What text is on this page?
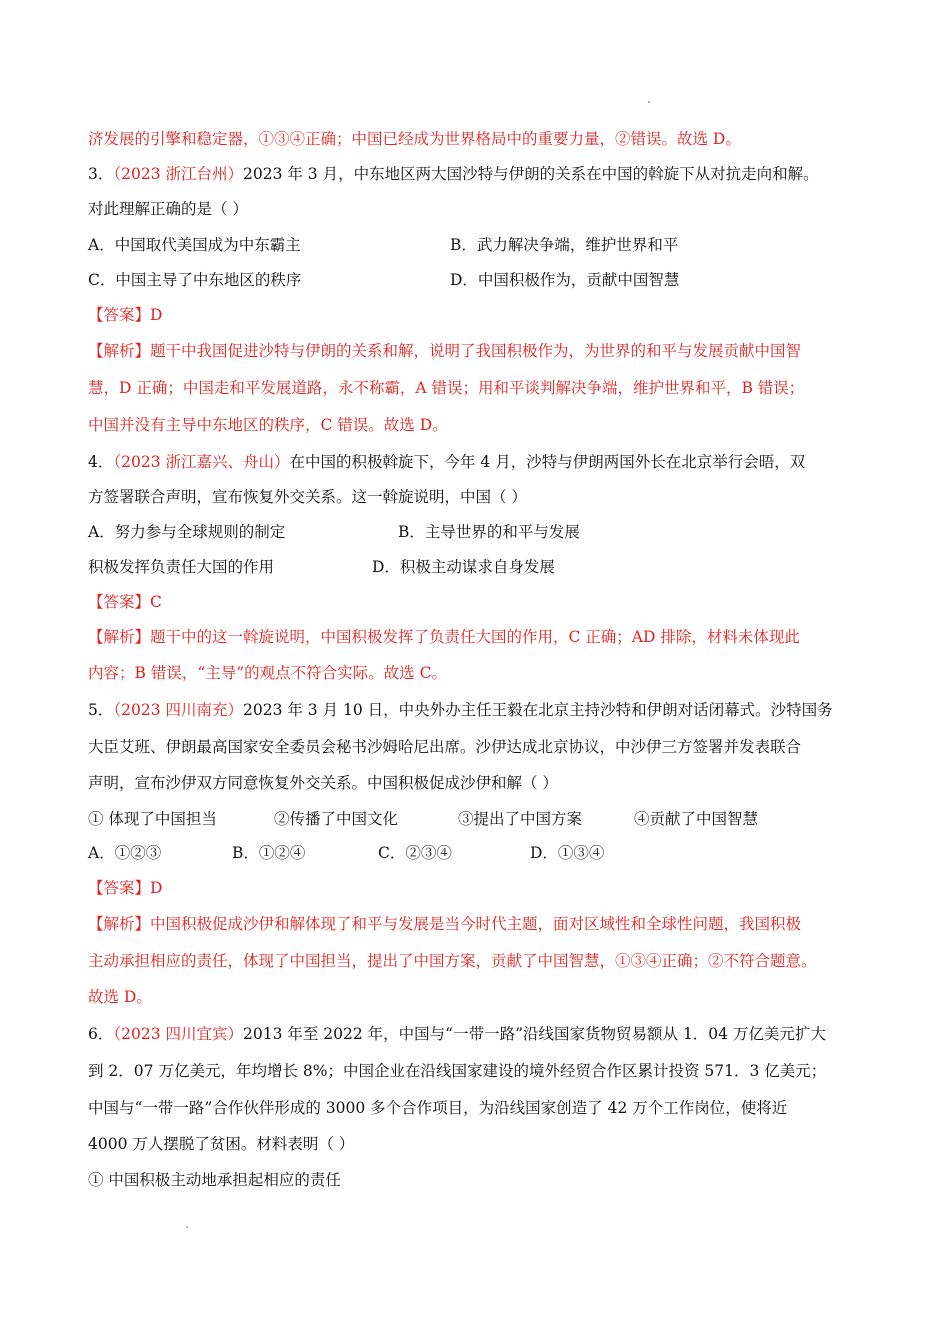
济发展的引擎和稳定器，①③④正确；中国已经成为世界格局中的重要力量，②错误。故选 D。
3．（2023 浙江台州）2023 年 3 月，中东地区两大国沙特与伊朗的关系在中国的斡旋下从对抗走向和解。
对此理解正确的是（ ）
A．中国取代美国成为中东霸主	B．武力解决争端，维护世界和平
C．中国主导了中东地区的秩序	D．中国积极作为，贡献中国智慧
【答案】D
【解析】题干中我国促进沙特与伊朗的关系和解，说明了我国积极作为，为世界的和平与发展贡献中国智
慧，D 正确；中国走和平发展道路，永不称霸，A 错误；用和平谈判解决争端，维护世界和平，B 错误；
中国并没有主导中东地区的秩序，C 错误。故选 D。
4．（2023 浙江嘉兴、舟山）在中国的积极斡旋下，今年 4 月，沙特与伊朗两国外长在北京举行会晤，双
方签署联合声明，宣布恢复外交关系。这一斡旋说明，中国（ ）
A．努力参与全球规则的制定	B．主导世界的和平与发展
积极发挥负责任大国的作用	D．积极主动谋求自身发展
【答案】C
【解析】题干中的这一斡旋说明，中国积极发挥了负责任大国的作用，C 正确；AD 排除，材料未体现此
内容；B 错误，“主导”的观点不符合实际。故选 C。
5．（2023 四川南充）2023 年 3 月 10 日，中央外办主任王毅在北京主持沙特和伊朗对话闭幕式。沙特国务
大臣艾班、伊朗最高国家安全委员会秘书沙姆哈尼出席。沙伊达成北京协议，中沙伊三方签署并发表联合
声明，宣布沙伊双方同意恢复外交关系。中国积极促成沙伊和解（ ）
① 体现了中国担当	②传播了中国文化	③提出了中国方案	④贡献了中国智慧
A．①②③	B．①②④	C．②③④	D．①③④
【答案】D
【解析】中国积极促成沙伊和解体现了和平与发展是当今时代主题，面对区域性和全球性问题，我国积极
主动承担相应的责任，体现了中国担当，提出了中国方案，贡献了中国智慧，①③④正确；②不符合题意。
故选 D。
6．（2023 四川宜宾）2013 年至 2022 年，中国与“一带一路”沿线国家货物贸易额从 1．04 万亿美元扩大
到 2．07 万亿美元，年均增长 8%；中国企业在沿线国家建设的境外经贸合作区累计投资 571．3 亿美元；
中国与“一带一路”合作伙伴形成的 3000 多个合作项目，为沿线国家创造了 42 万个工作岗位，使将近
4000 万人摆脱了贫困。材料表明（ ）
① 中国积极主动地承担起相应的责任
